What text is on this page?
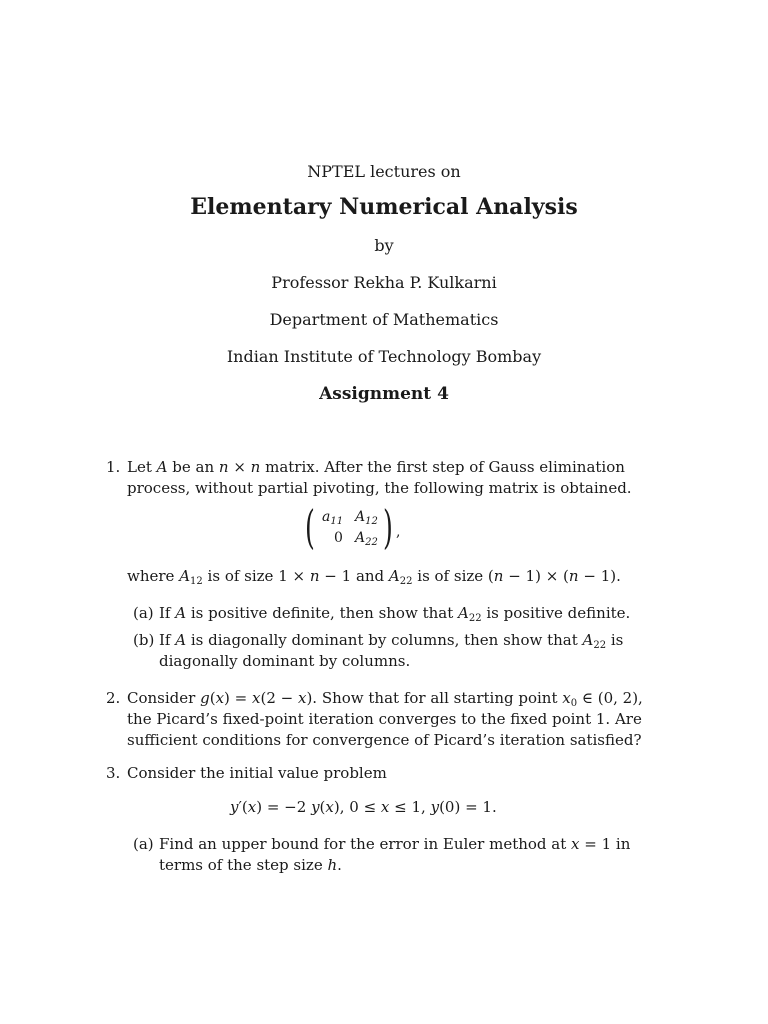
NPTEL lectures on
Elementary Numerical Analysis
by
Professor Rekha P. Kulkarni
Department of Mathematics
Indian Institute of Technology Bombay
Assignment 4
1. Let A be an n × n matrix. After the first step of Gauss elimination
process, without partial pivoting, the following matrix is obtained.
( $a_{11}$ $A_{12}$
0 $A_{22}$ ) ,
where $A_{12}$ is of size 1 × n − 1 and $A_{22}$ is of size (n − 1) × (n − 1).
(a) If A is positive definite, then show that $A_{22}$ is positive definite.
(b) If A is diagonally dominant by columns, then show that $A_{22}$ is
diagonally dominant by columns.
2. Consider g(x) = x(2 − x). Show that for all starting point $x_0$ ∈ (0, 2),
the Picard’s fixed-point iteration converges to the fixed point 1. Are
sufficient conditions for convergence of Picard’s iteration satisfied?
3. Consider the initial value problem
y′(x) = −2 y(x), 0 ≤ x ≤ 1, y(0) = 1.
(a) Find an upper bound for the error in Euler method at x = 1 in
terms of the step size h.
